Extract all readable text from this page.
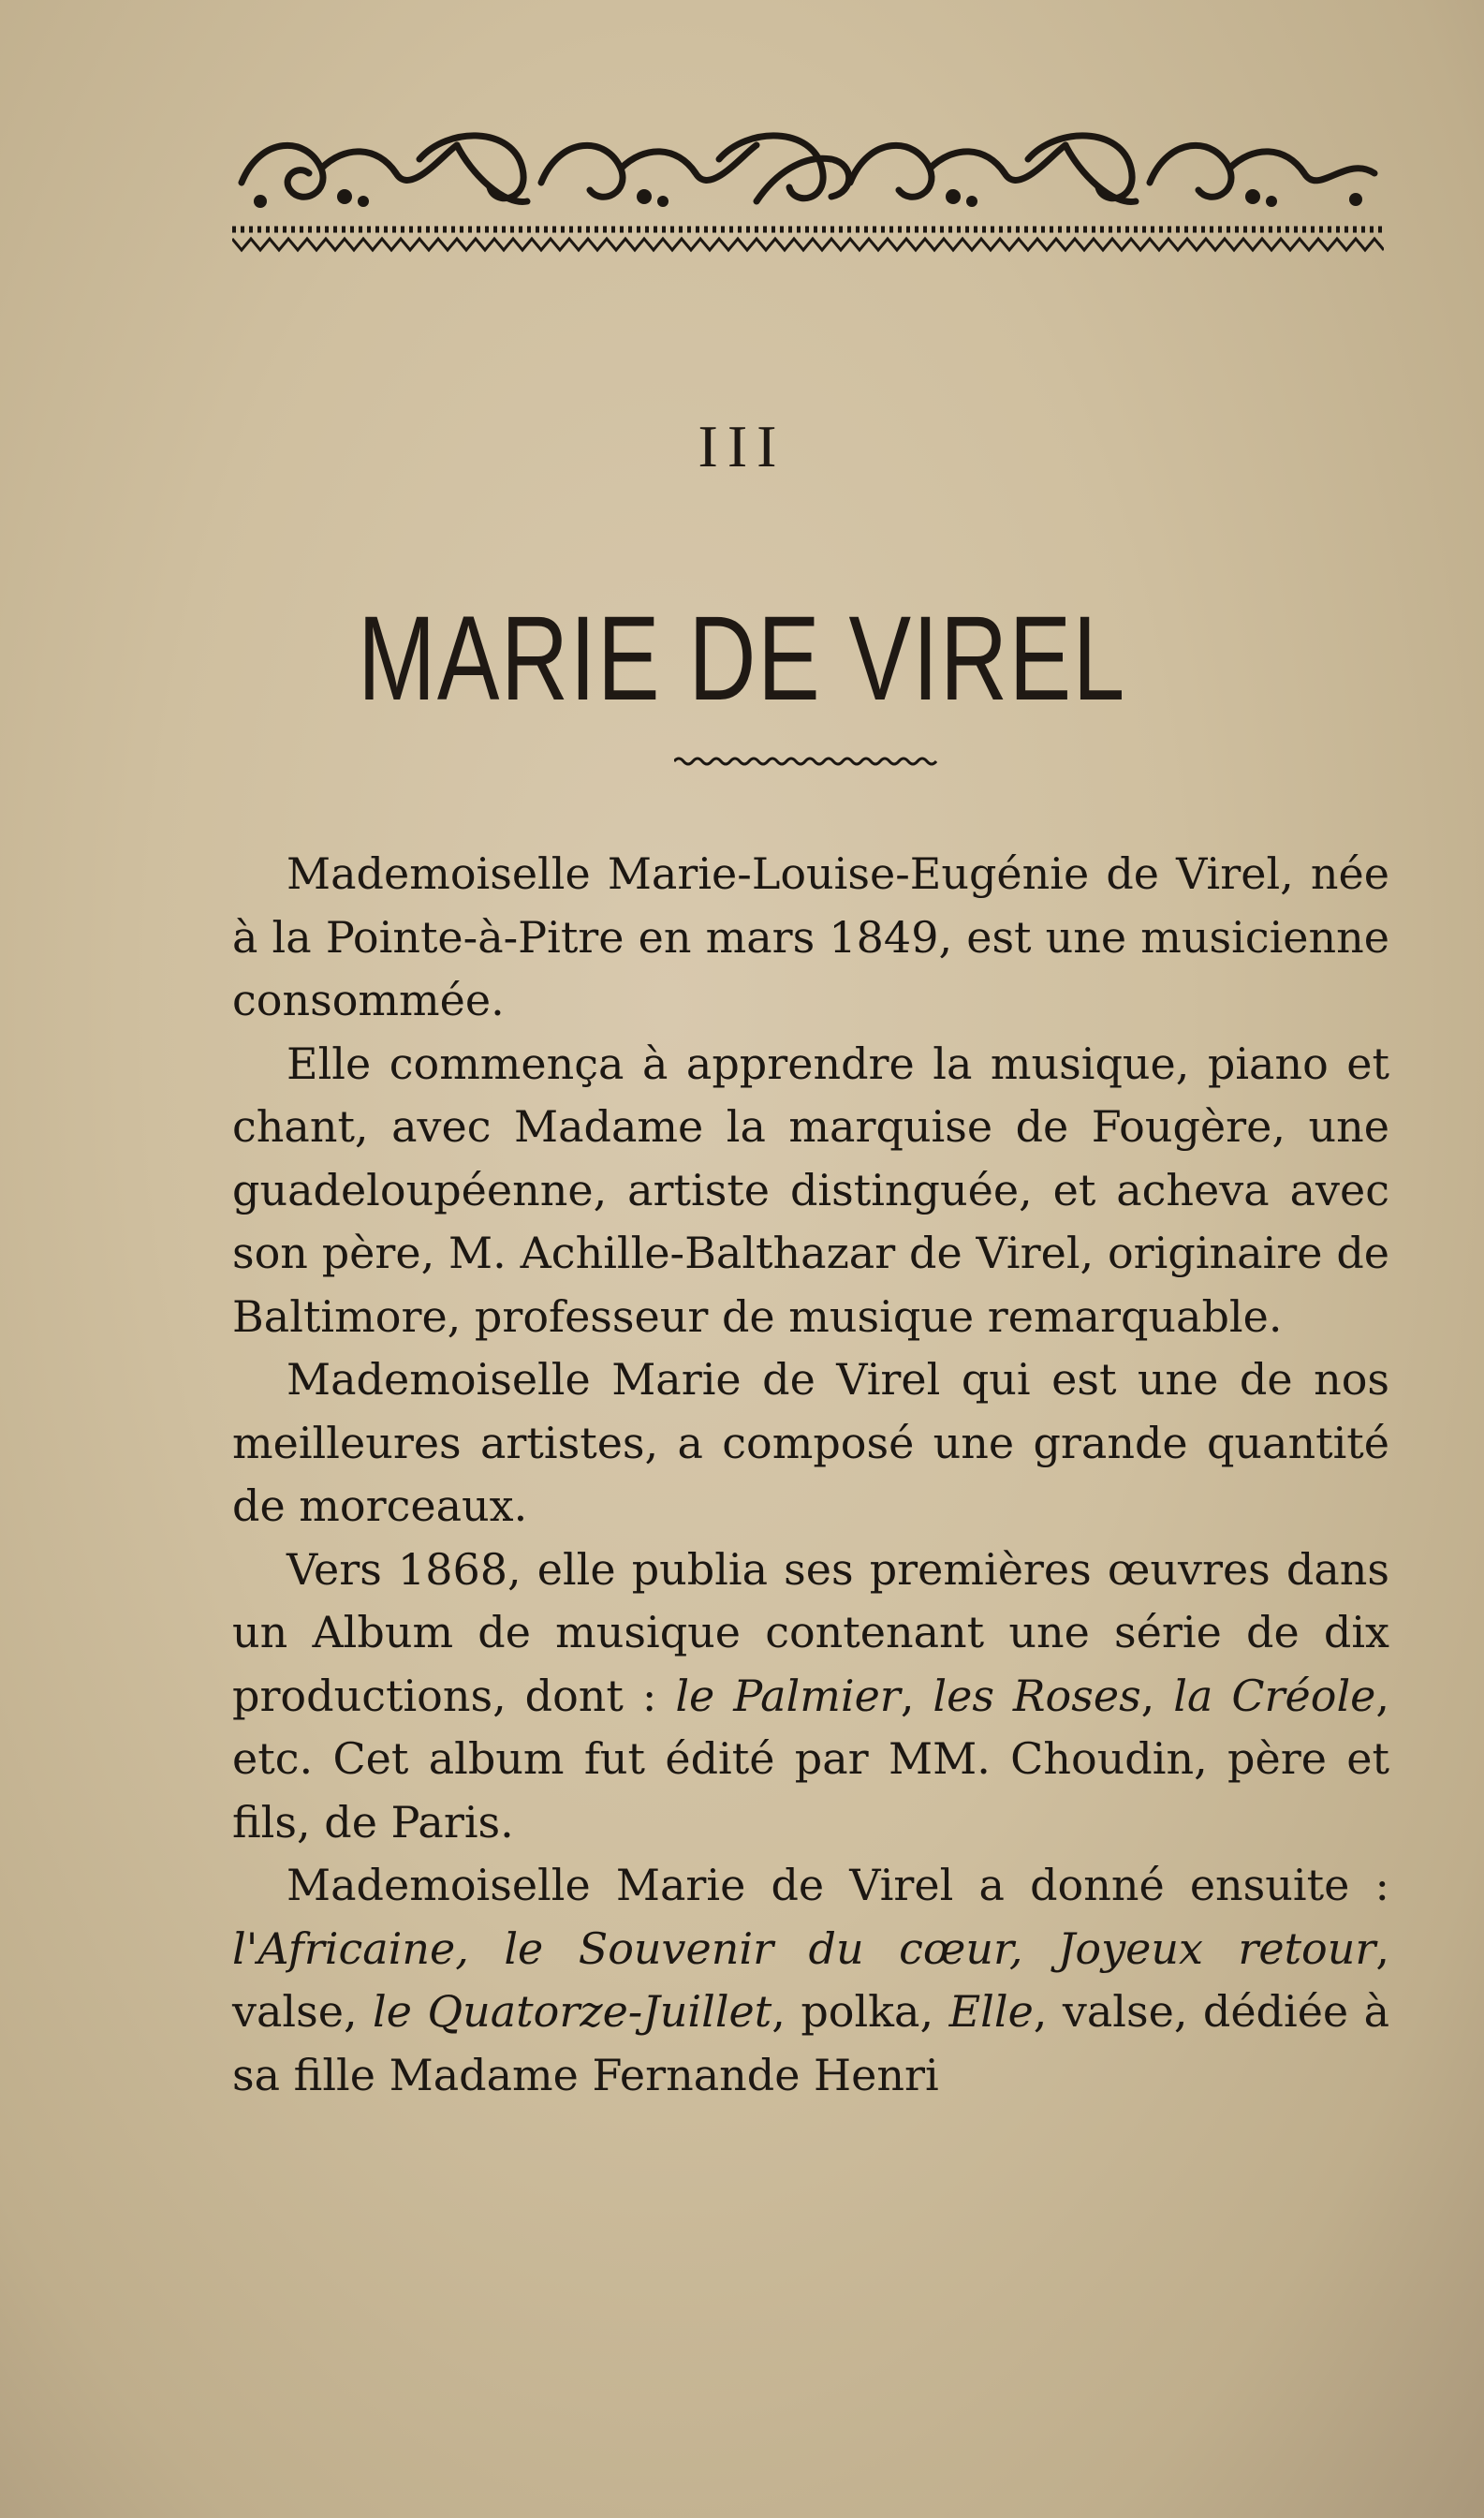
III
MARIE DE VIREL

Mademoiselle Marie-Louise-Eugénie de Virel, née à la Pointe-à-Pitre en mars 1849, est une musicienne consommée.

Elle commença à apprendre la musique, piano et chant, avec Madame la marquise de Fougère, une guadeloupéenne, artiste distinguée, et acheva avec son père, M. Achille-Balthazar de Virel, originaire de Baltimore, professeur de musique remarquable.

Mademoiselle Marie de Virel qui est une de nos meilleures artistes, a composé une grande quantité de morceaux.

Vers 1868, elle publia ses premières œuvres dans un Album de musique contenant une série de dix productions, dont : le Palmier, les Roses, la Créole, etc. Cet album fut édité par MM. Choudin, père et fils, de Paris.

Mademoiselle Marie de Virel a donné ensuite : l'Africaine, le Souvenir du cœur, Joyeux retour, valse, le Quatorze-Juillet, polka, Elle, valse, dédiée à sa fille Madame Fernande Henri
